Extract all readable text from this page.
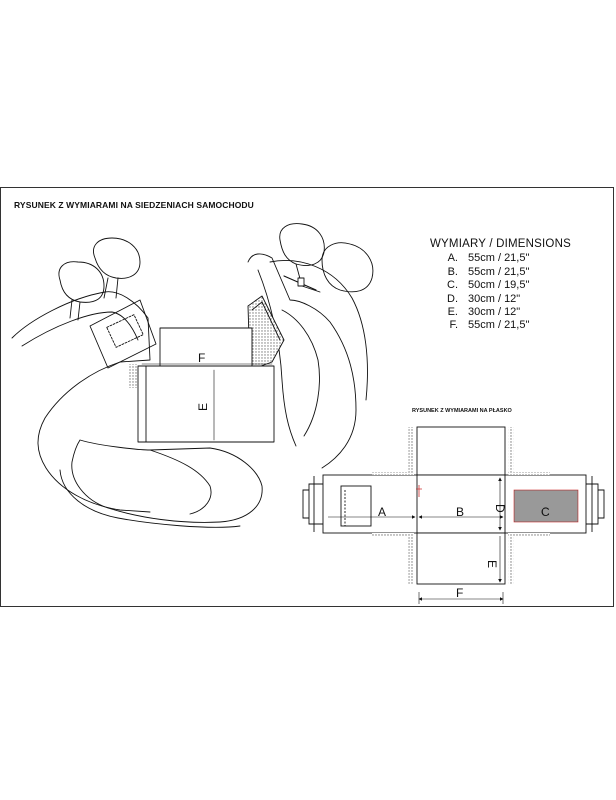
RYSUNEK Z WYMIARAMI NA SIEDZENIACH SAMOCHODU
WYMIARY / DIMENSIONS
A. 55cm / 21,5"
B. 55cm / 21,5"
C. 50cm / 19,5"
D. 30cm / 12"
E. 30cm / 12"
F. 55cm / 21,5"
RYSUNEK Z WYMIARAMI NA PŁASKO
F
E
A	B	C
D
E
F
